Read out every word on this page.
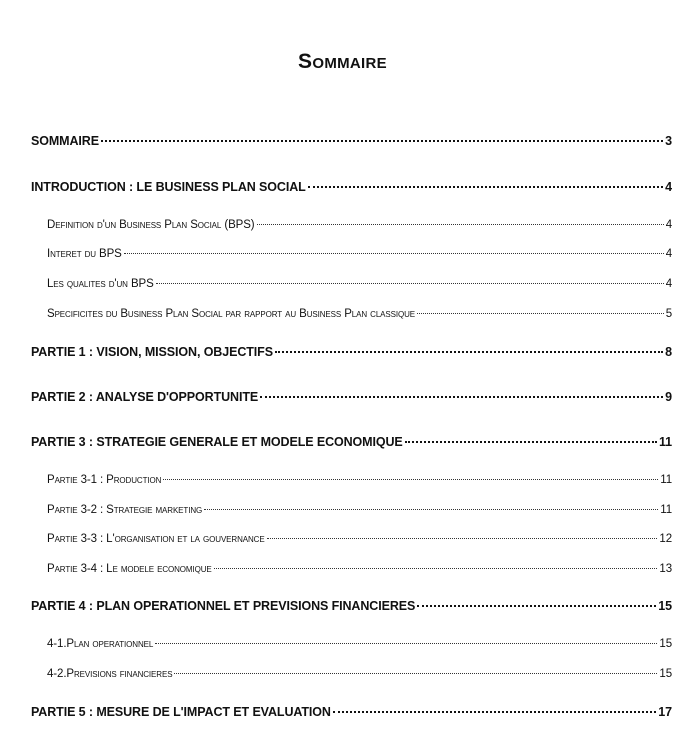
Sommaire
SOMMAIRE	3
INTRODUCTION : LE BUSINESS PLAN SOCIAL	4
Definition d'un Business Plan Social (BPS)	4
Interet du BPS	4
Les qualites d'un BPS	4
Specificites du Business Plan Social par rapport au Business Plan classique	5
PARTIE 1 : VISION, MISSION, OBJECTIFS	8
PARTIE 2 : ANALYSE D'OPPORTUNITE	9
PARTIE 3 : STRATEGIE GENERALE ET MODELE ECONOMIQUE	11
Partie 3-1 : Production	11
Partie 3-2 : Strategie marketing	11
Partie 3-3 : L'organisation et la gouvernance	12
Partie 3-4 : Le modele economique	13
PARTIE 4 : PLAN OPERATIONNEL ET PREVISIONS FINANCIERES	15
4-1.Plan operationnel	15
4-2.Previsions financieres	15
PARTIE 5 : MESURE DE L'IMPACT ET EVALUATION	17
